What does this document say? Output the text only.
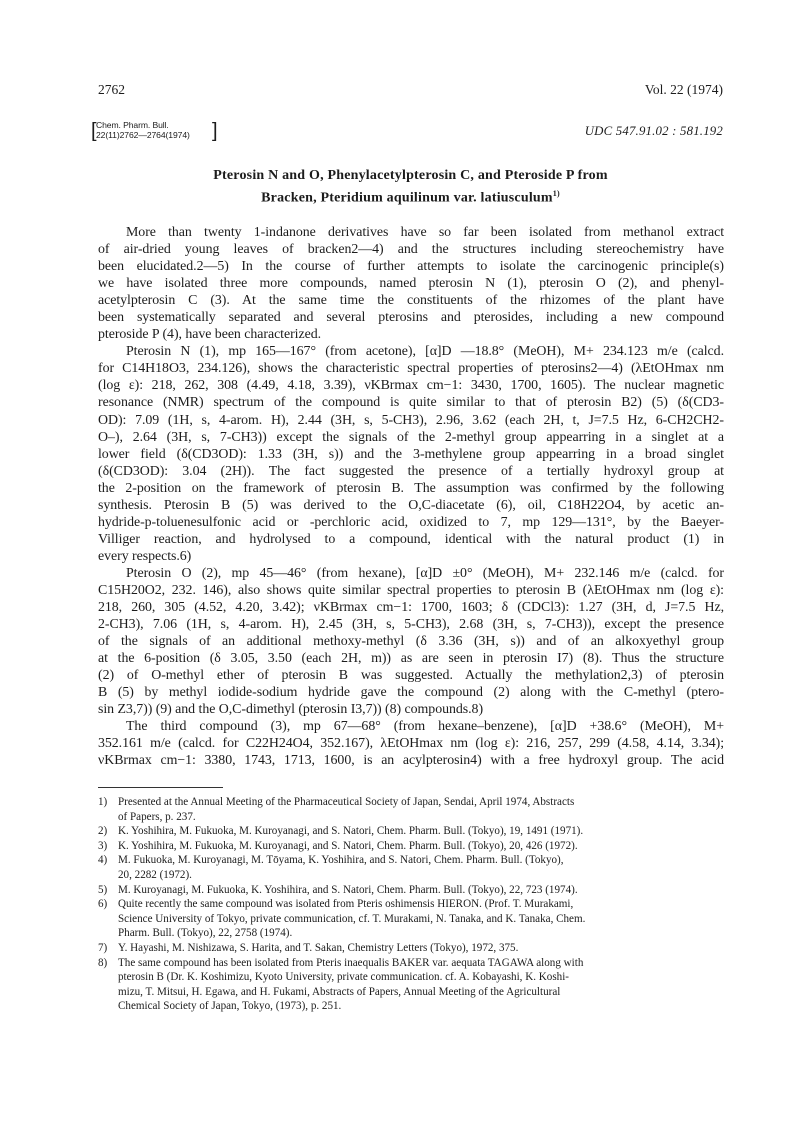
2762	Vol. 22 (1974)
[ Chem. Pharm. Bull.
22(11)2762—2764(1974) ]	UDC 547.91.02 : 581.192
Pterosin N and O, Phenylacetylpterosin C, and Pteroside P from
Bracken, Pteridium aquilinum var. latiusculum$^{1)}$
More than twenty 1-indanone derivatives have so far been isolated from methanol extract
of air-dried young leaves of bracken2—4) and the structures including stereochemistry have
been elucidated.2—5) In the course of further attempts to isolate the carcinogenic principle(s)
we have isolated three more compounds, named pterosin N (1), pterosin O (2), and phenyl-
acetylpterosin C (3). At the same time the constituents of the rhizomes of the plant have
been systematically separated and several pterosins and pterosides, including a new compound
pteroside P (4), have been characterized.
Pterosin N (1), mp 165—167° (from acetone), [α]D —18.8° (MeOH), M+ 234.123 m/e (calcd.
for C14H18O3, 234.126), shows the characteristic spectral properties of pterosins2—4) (λEtOHmax nm
(log ε): 218, 262, 308 (4.49, 4.18, 3.39), νKBrmax cm−1: 3430, 1700, 1605). The nuclear magnetic
resonance (NMR) spectrum of the compound is quite similar to that of pterosin B2) (5) (δ(CD3-
OD): 7.09 (1H, s, 4-arom. H), 2.44 (3H, s, 5-CH3), 2.96, 3.62 (each 2H, t, J=7.5 Hz, 6-CH2CH2-
O–), 2.64 (3H, s, 7-CH3)) except the signals of the 2-methyl group appearring in a singlet at a
lower field (δ(CD3OD): 1.33 (3H, s)) and the 3-methylene group appearring in a broad singlet
(δ(CD3OD): 3.04 (2H)). The fact suggested the presence of a tertially hydroxyl group at
the 2-position on the framework of pterosin B. The assumption was confirmed by the following
synthesis. Pterosin B (5) was derived to the O,C-diacetate (6), oil, C18H22O4, by acetic an-
hydride-p-toluenesulfonic acid or -perchloric acid, oxidized to 7, mp 129—131°, by the Baeyer-
Villiger reaction, and hydrolysed to a compound, identical with the natural product (1) in
every respects.6)
Pterosin O (2), mp 45—46° (from hexane), [α]D ±0° (MeOH), M+ 232.146 m/e (calcd. for
C15H20O2, 232. 146), also shows quite similar spectral properties to pterosin B (λEtOHmax nm (log ε):
218, 260, 305 (4.52, 4.20, 3.42); νKBrmax cm−1: 1700, 1603; δ (CDCl3): 1.27 (3H, d, J=7.5 Hz,
2-CH3), 7.06 (1H, s, 4-arom. H), 2.45 (3H, s, 5-CH3), 2.68 (3H, s, 7-CH3)), except the presence
of the signals of an additional methoxy-methyl (δ 3.36 (3H, s)) and of an alkoxyethyl group
at the 6-position (δ 3.05, 3.50 (each 2H, m)) as are seen in pterosin I7) (8). Thus the structure
(2) of O-methyl ether of pterosin B was suggested. Actually the methylation2,3) of pterosin
B (5) by methyl iodide-sodium hydride gave the compound (2) along with the C-methyl (ptero-
sin Z3,7)) (9) and the O,C-dimethyl (pterosin I3,7)) (8) compounds.8)
The third compound (3), mp 67—68° (from hexane–benzene), [α]D +38.6° (MeOH), M+
352.161 m/e (calcd. for C22H24O4, 352.167), λEtOHmax nm (log ε): 216, 257, 299 (4.58, 4.14, 3.34);
νKBrmax cm−1: 3380, 1743, 1713, 1600, is an acylpterosin4) with a free hydroxyl group. The acid
1) Presented at the Annual Meeting of the Pharmaceutical Society of Japan, Sendai, April 1974, Abstracts
of Papers, p. 237.
2) K. Yoshihira, M. Fukuoka, M. Kuroyanagi, and S. Natori, Chem. Pharm. Bull. (Tokyo), 19, 1491 (1971).
3) K. Yoshihira, M. Fukuoka, M. Kuroyanagi, and S. Natori, Chem. Pharm. Bull. (Tokyo), 20, 426 (1972).
4) M. Fukuoka, M. Kuroyanagi, M. Tōyama, K. Yoshihira, and S. Natori, Chem. Pharm. Bull. (Tokyo),
20, 2282 (1972).
5) M. Kuroyanagi, M. Fukuoka, K. Yoshihira, and S. Natori, Chem. Pharm. Bull. (Tokyo), 22, 723 (1974).
6) Quite recently the same compound was isolated from Pteris oshimensis HIERON. (Prof. T. Murakami,
Science University of Tokyo, private communication, cf. T. Murakami, N. Tanaka, and K. Tanaka, Chem.
Pharm. Bull. (Tokyo), 22, 2758 (1974).
7) Y. Hayashi, M. Nishizawa, S. Harita, and T. Sakan, Chemistry Letters (Tokyo), 1972, 375.
8) The same compound has been isolated from Pteris inaequalis BAKER var. aequata TAGAWA along with
pterosin B (Dr. K. Koshimizu, Kyoto University, private communication. cf. A. Kobayashi, K. Koshi-
mizu, T. Mitsui, H. Egawa, and H. Fukami, Abstracts of Papers, Annual Meeting of the Agricultural
Chemical Society of Japan, Tokyo, (1973), p. 251.
